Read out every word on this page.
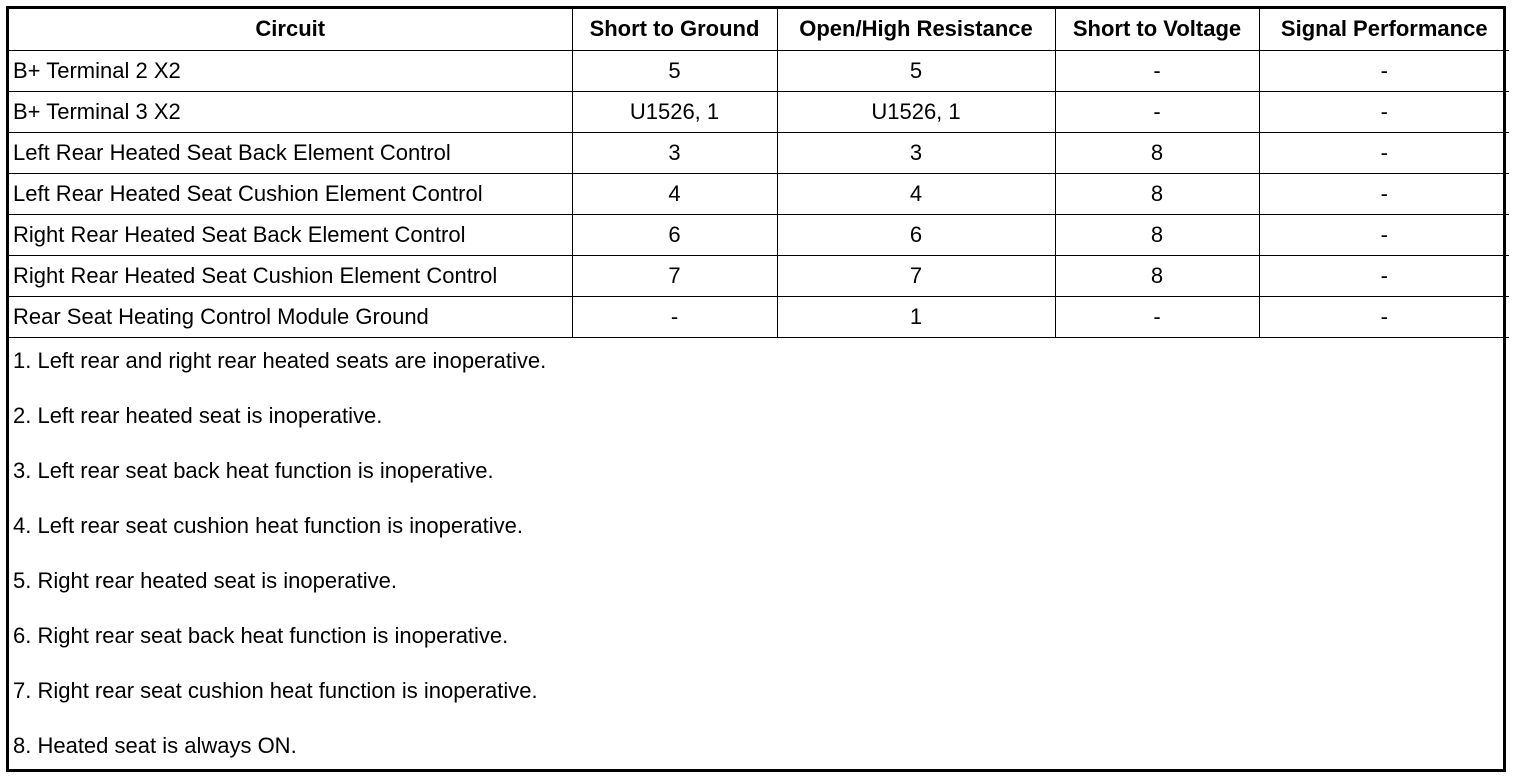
Circuit	Short to Ground	Open/High Resistance	Short to Voltage	Signal Performance
B+ Terminal 2 X2	5	5	-	-
B+ Terminal 3 X2	U1526, 1	U1526, 1	-	-
Left Rear Heated Seat Back Element Control	3	3	8	-
Left Rear Heated Seat Cushion Element Control	4	4	8	-
Right Rear Heated Seat Back Element Control	6	6	8	-
Right Rear Heated Seat Cushion Element Control	7	7	8	-
Rear Seat Heating Control Module Ground	-	1	-	-
1. Left rear and right rear heated seats are inoperative.
2. Left rear heated seat is inoperative.
3. Left rear seat back heat function is inoperative.
4. Left rear seat cushion heat function is inoperative.
5. Right rear heated seat is inoperative.
6. Right rear seat back heat function is inoperative.
7. Right rear seat cushion heat function is inoperative.
8. Heated seat is always ON.
